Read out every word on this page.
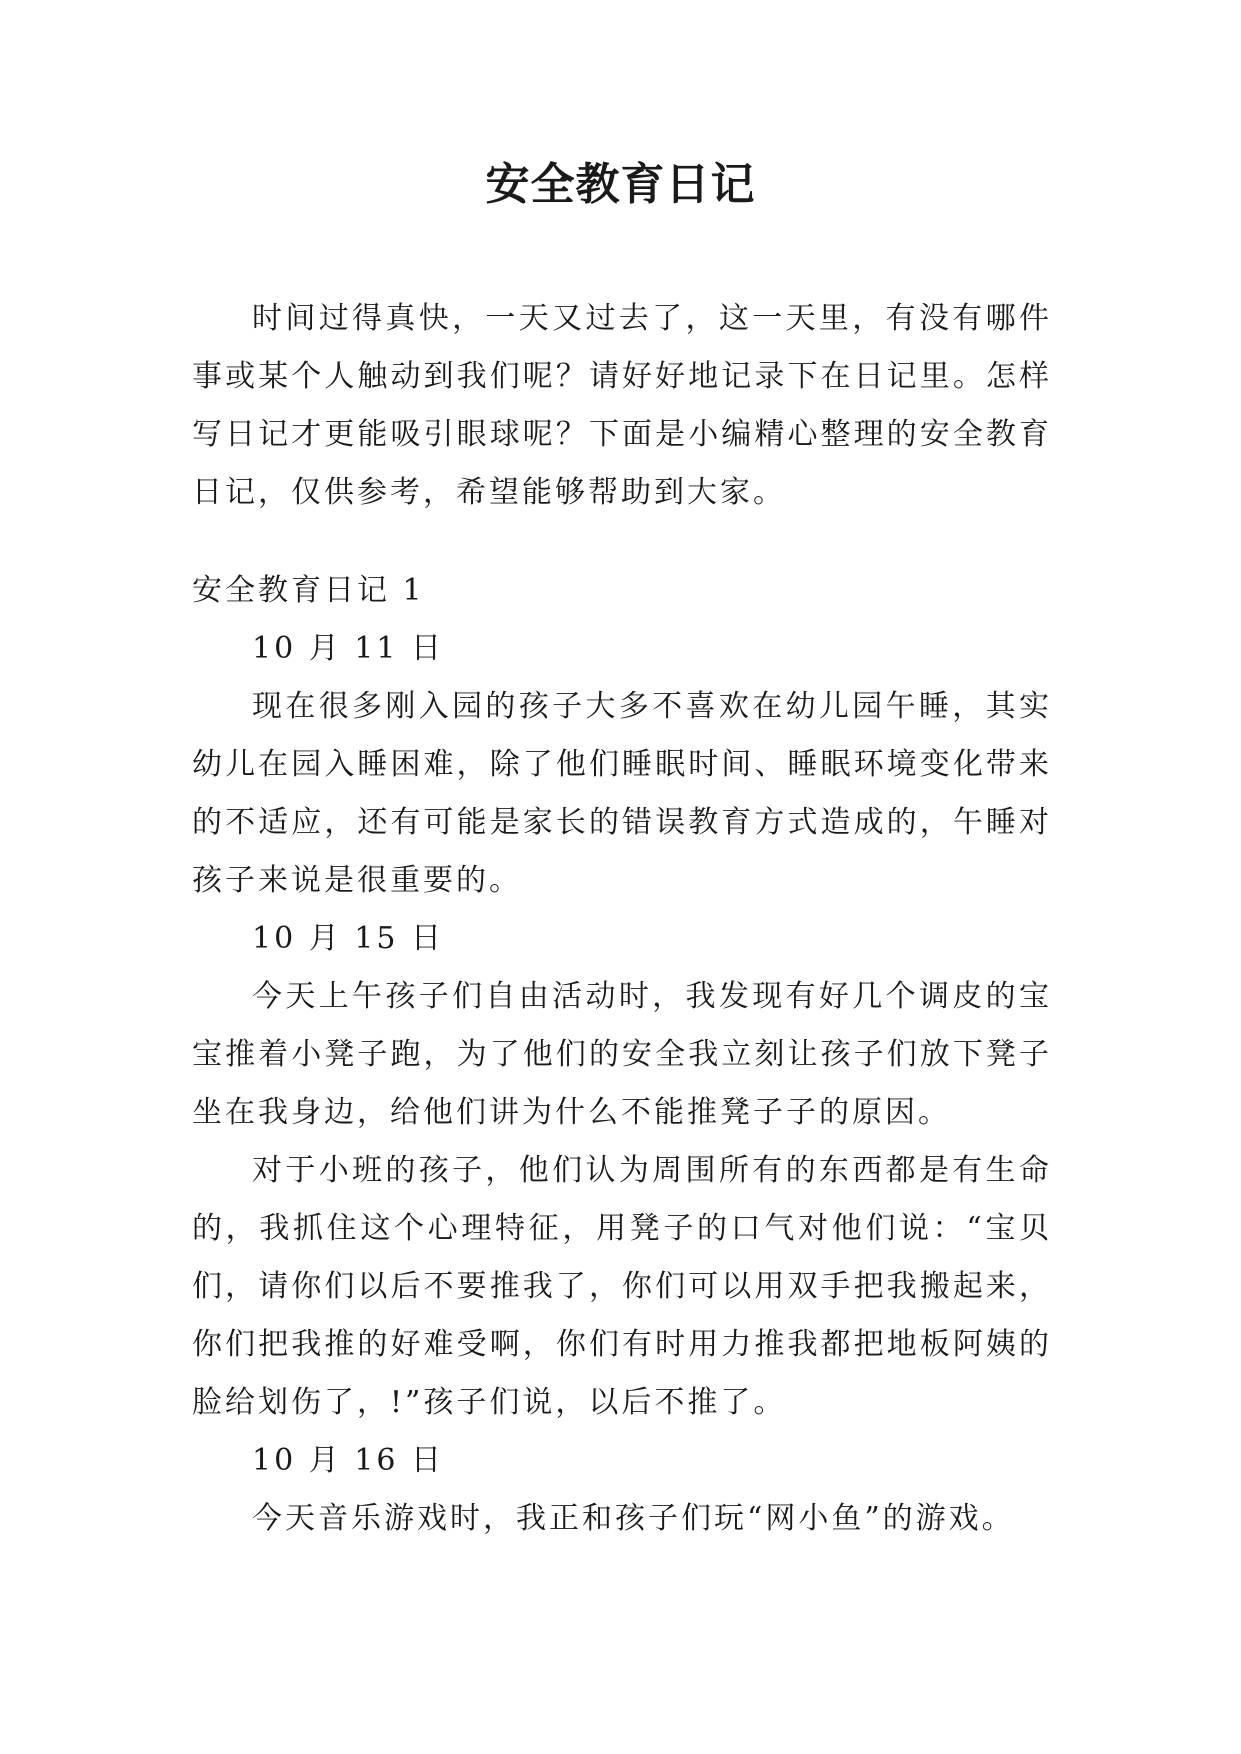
安全教育日记

时间过得真快，一天又过去了，这一天里，有没有哪件事或某个人触动到我们呢？请好好地记录下在日记里。怎样写日记才更能吸引眼球呢？下面是小编精心整理的安全教育日记，仅供参考，希望能够帮助到大家。

安全教育日记 1

10 月 11 日

现在很多刚入园的孩子大多不喜欢在幼儿园午睡，其实幼儿在园入睡困难，除了他们睡眠时间、睡眠环境变化带来的不适应，还有可能是家长的错误教育方式造成的，午睡对孩子来说是很重要的。

10 月 15 日

今天上午孩子们自由活动时，我发现有好几个调皮的宝宝推着小凳子跑，为了他们的安全我立刻让孩子们放下凳子坐在我身边，给他们讲为什么不能推凳子子的原因。

对于小班的孩子，他们认为周围所有的东西都是有生命的，我抓住这个心理特征，用凳子的口气对他们说：“宝贝们，请你们以后不要推我了，你们可以用双手把我搬起来，你们把我推的好难受啊，你们有时用力推我都把地板阿姨的脸给划伤了，!”孩子们说，以后不推了。

10 月 16 日

今天音乐游戏时，我正和孩子们玩“网小鱼”的游戏。
